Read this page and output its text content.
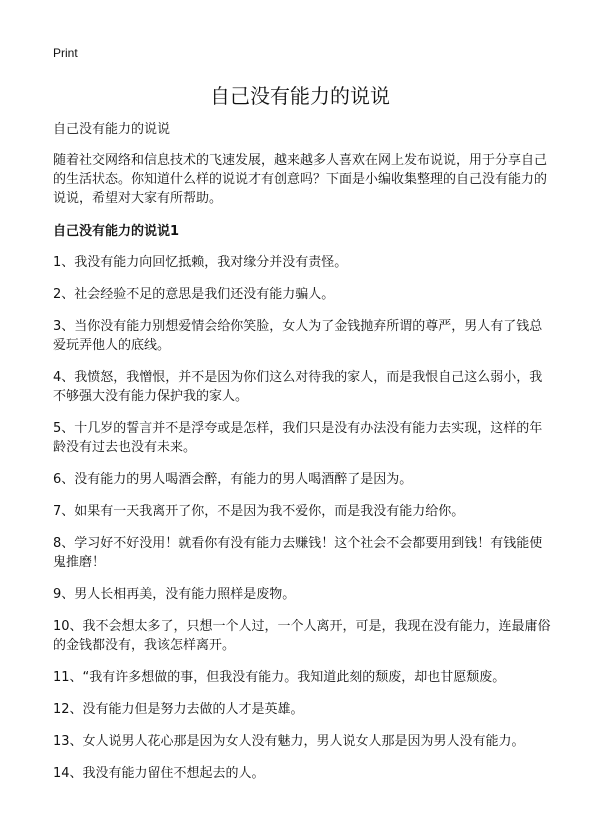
Print
自己没有能力的说说

自己没有能力的说说

随着社交网络和信息技术的飞速发展，越来越多人喜欢在网上发布说说，用于分享自己的生活状态。你知道什么样的说说才有创意吗？下面是小编收集整理的自己没有能力的说说，希望对大家有所帮助。

自己没有能力的说说1

1、我没有能力向回忆抵赖，我对缘分并没有责怪。

2、社会经验不足的意思是我们还没有能力骗人。

3、当你没有能力别想爱情会给你笑脸，女人为了金钱抛弃所谓的尊严，男人有了钱总爱玩弄他人的底线。

4、我愤怒，我憎恨，并不是因为你们这么对待我的家人，而是我恨自己这么弱小，我不够强大没有能力保护我的家人。

5、十几岁的誓言并不是浮夸或是怎样，我们只是没有办法没有能力去实现，这样的年龄没有过去也没有未来。

6、没有能力的男人喝酒会醉，有能力的男人喝酒醉了是因为。

7、如果有一天我离开了你，不是因为我不爱你，而是我没有能力给你。

8、学习好不好没用！就看你有没有能力去赚钱！这个社会不会都要用到钱！有钱能使鬼推磨！

9、男人长相再美，没有能力照样是废物。

10、我不会想太多了，只想一个人过，一个人离开，可是，我现在没有能力，连最庸俗的金钱都没有，我该怎样离开。

11、“我有许多想做的事，但我没有能力。我知道此刻的颓废，却也甘愿颓废。

12、没有能力但是努力去做的人才是英雄。

13、女人说男人花心那是因为女人没有魅力，男人说女人那是因为男人没有能力。

14、我没有能力留住不想起去的人。
